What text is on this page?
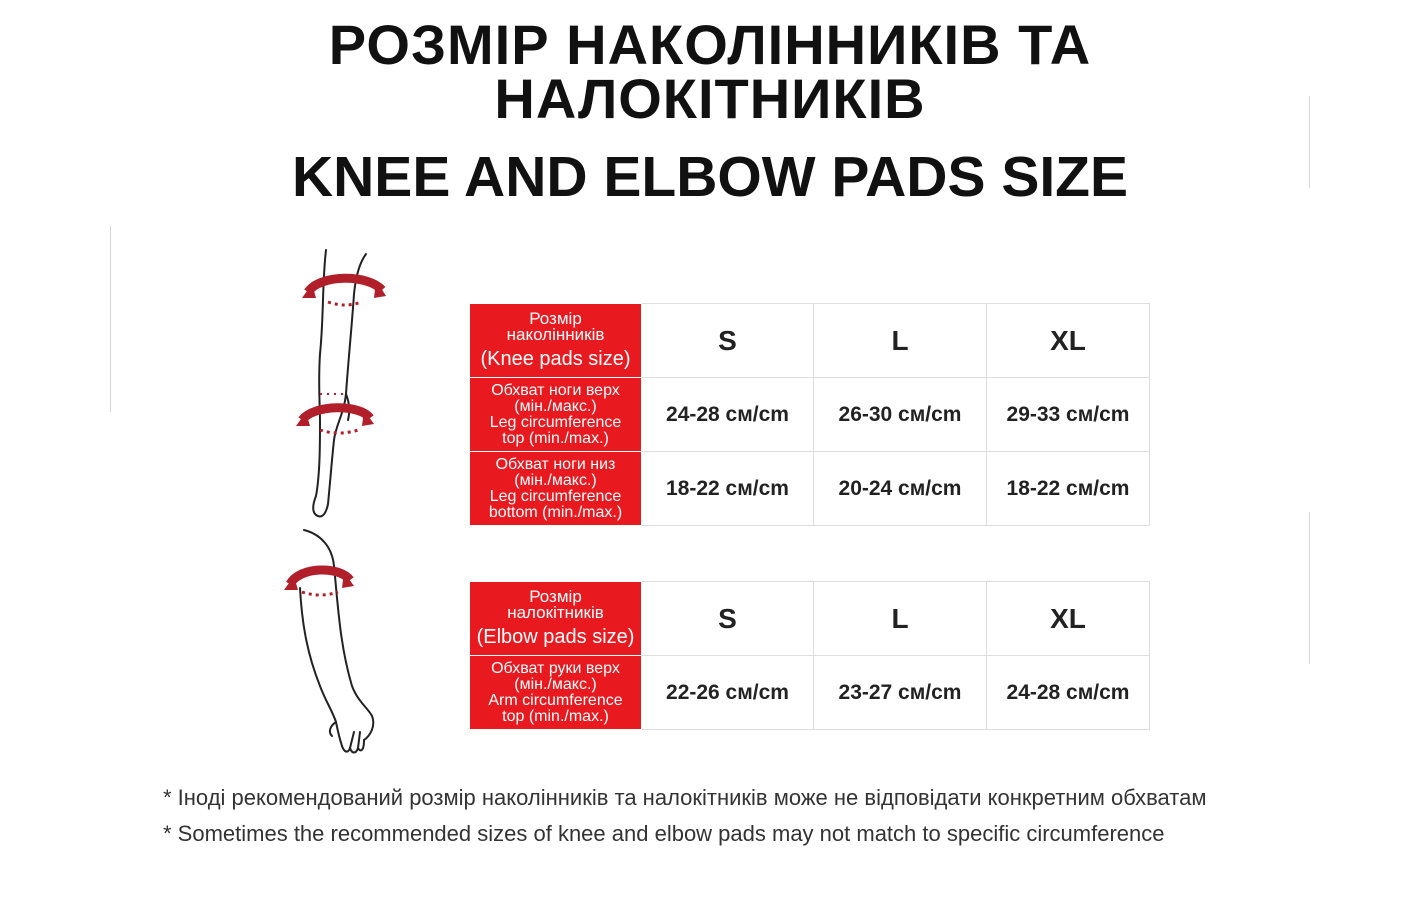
РОЗМІР НАКОЛІННИКІВ ТА НАЛОКІТНИКІВ
KNEE AND ELBOW PADS SIZE
Розмір
наколінників
(Knee pads size)	S	L	XL

Обхват ноги верх
(мін./макс.)
Leg circumference
top (min./max.)	24-28 см/cm	26-30 см/cm	29-33 см/cm

Обхват ноги низ
(мін./макс.)
Leg circumference
bottom (min./max.)	18-22 см/cm	20-24 см/cm	18-22 см/cm
Розмір
налокітників
(Elbow pads size)	S	L	XL

Обхват руки верх
(мін./макс.)
Arm circumference
top (min./max.)	22-26 см/cm	23-27 см/cm	24-28 см/cm

* Іноді рекомендований розмір наколінників та налокітників може не відповідати конкретним обхватам

* Sometimes the recommended sizes of knee and elbow pads may not match to specific circumference
